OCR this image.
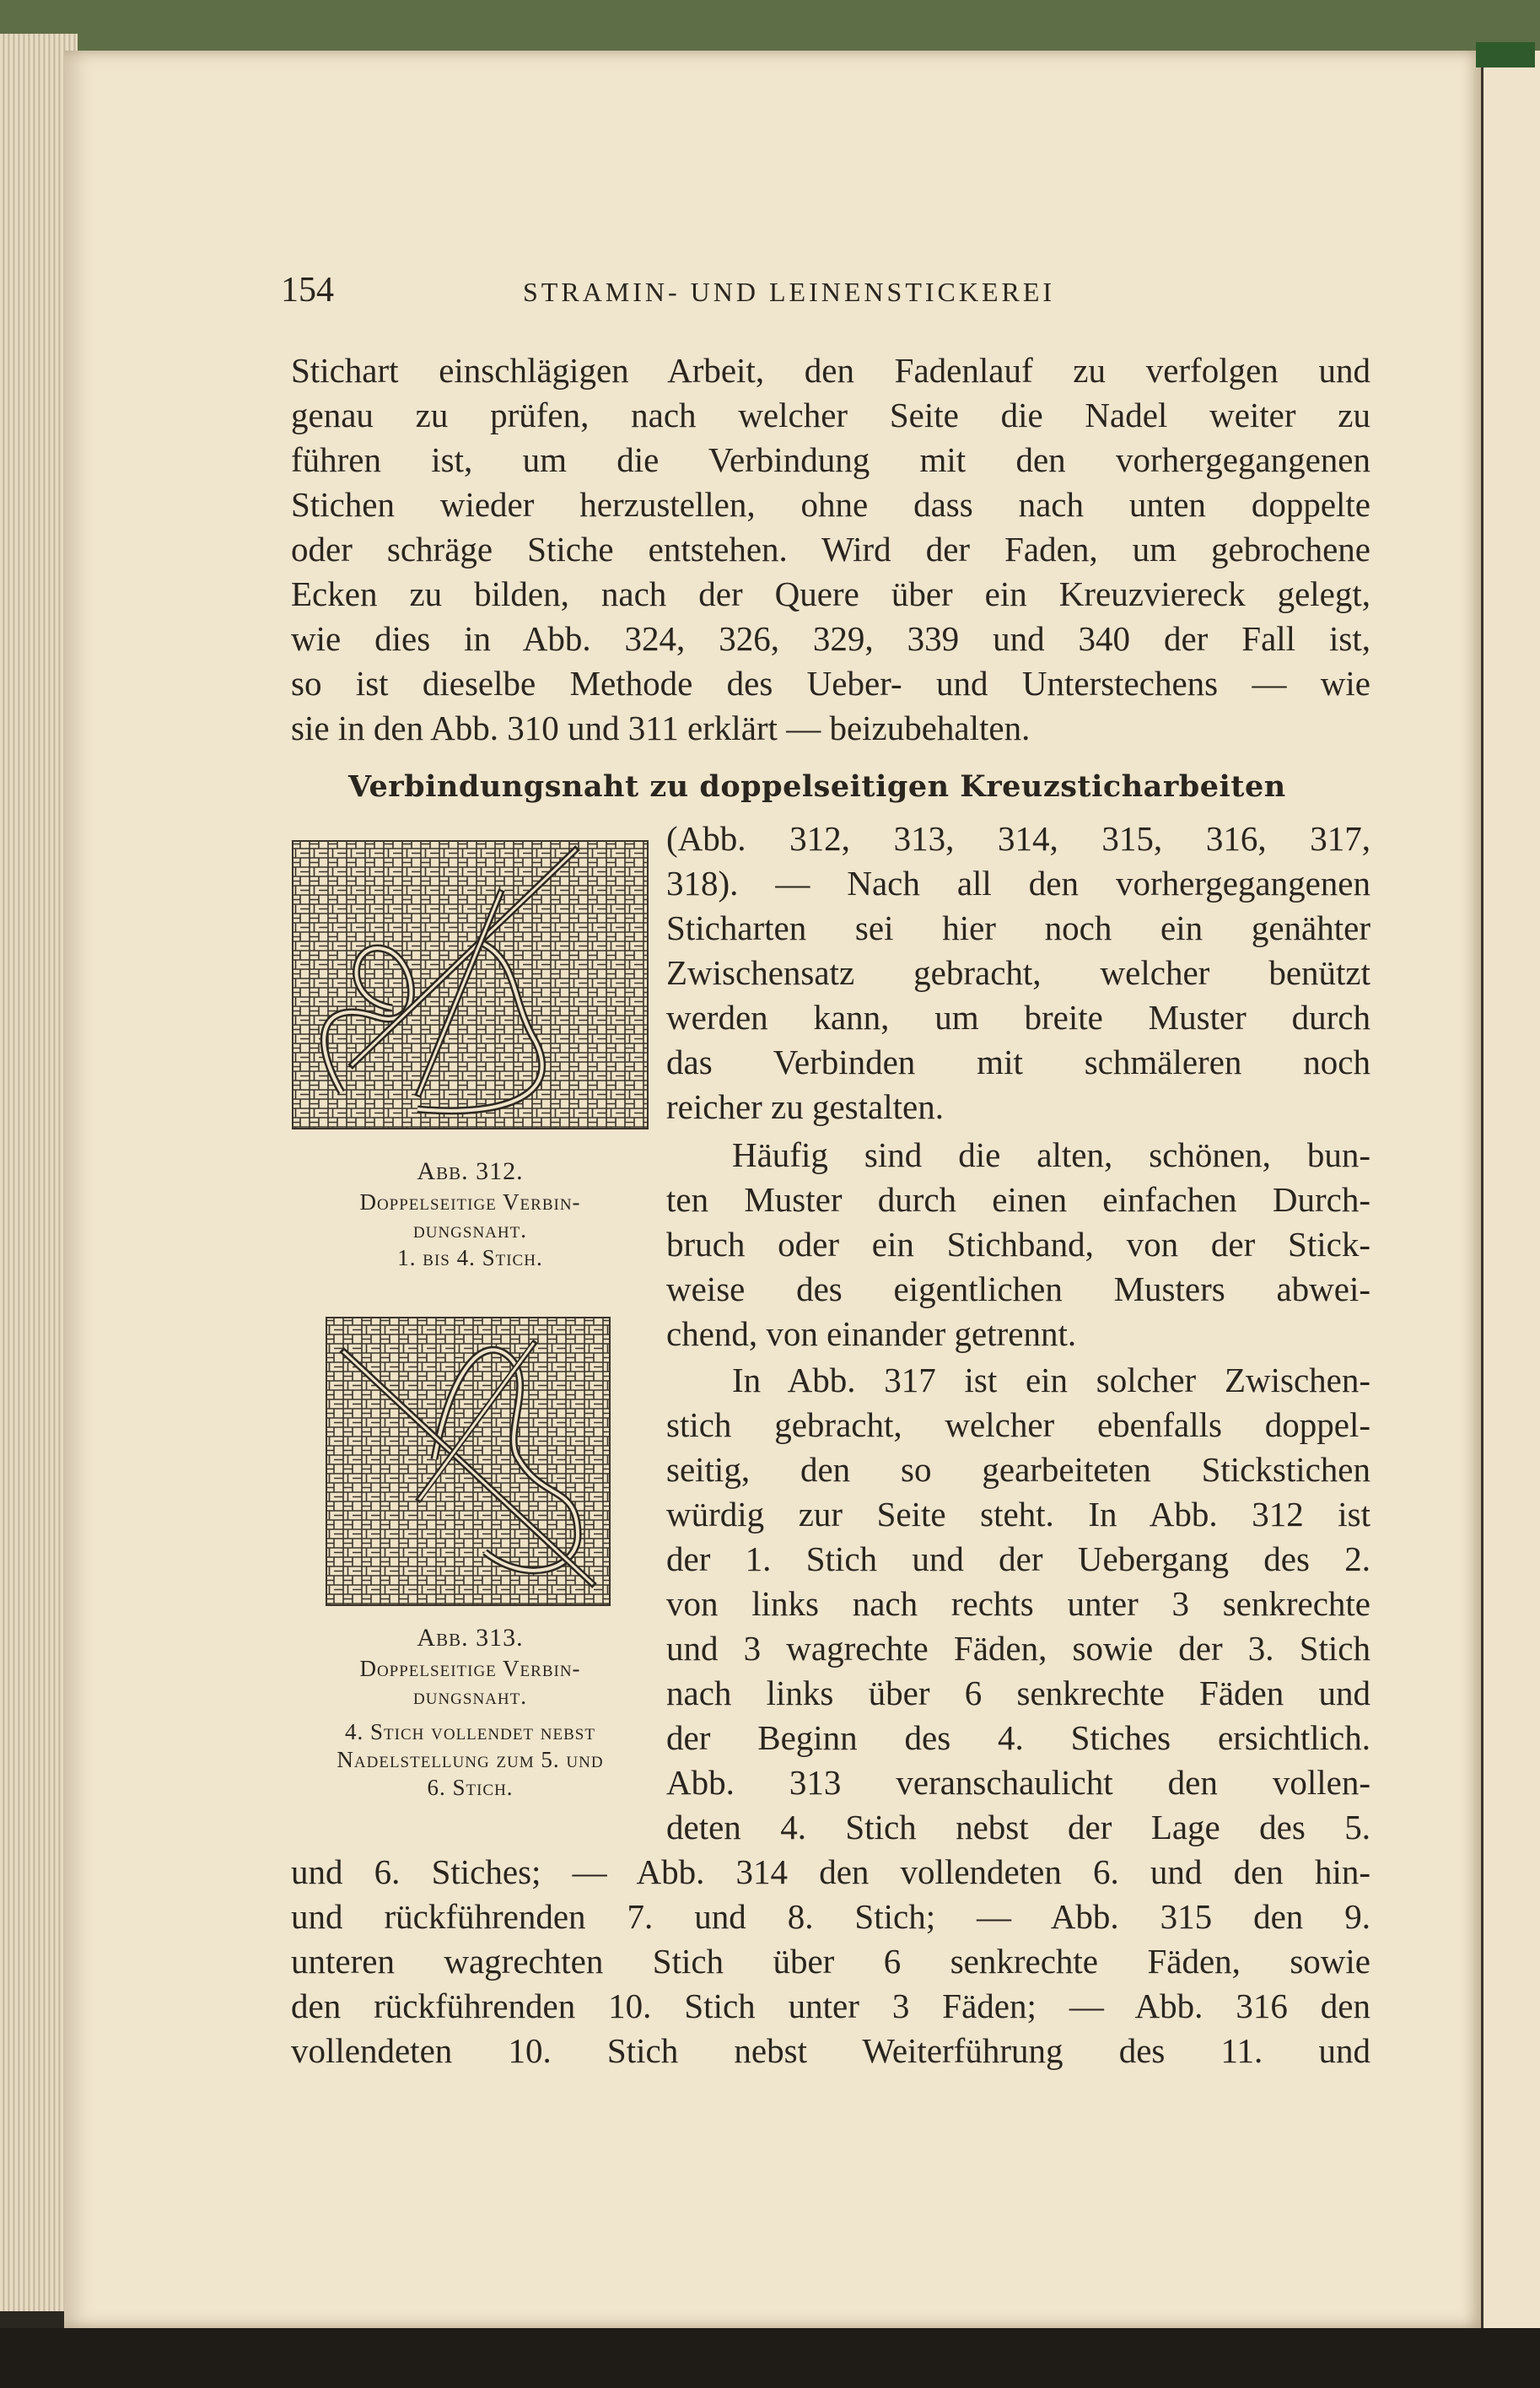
154	STRAMIN- UND LEINENSTICKEREI
Stichart einschlägigen Arbeit, den Fadenlauf zu verfolgen und
genau zu prüfen, nach welcher Seite die Nadel weiter zu
führen ist, um die Verbindung mit den vorhergegangenen
Stichen wieder herzustellen, ohne dass nach unten doppelte
oder schräge Stiche entstehen. Wird der Faden, um gebrochene
Ecken zu bilden, nach der Quere über ein Kreuzviereck gelegt,
wie dies in Abb. 324, 326, 329, 339 und 340 der Fall ist,
so ist dieselbe Methode des Ueber- und Unterstechens — wie
sie in den Abb. 310 und 311 erklärt — beizubehalten.
Verbindungsnaht zu doppelseitigen Kreuzsticharbeiten
(Abb. 312, 313, 314, 315, 316, 317,
318). — Nach all den vorhergegangenen
Sticharten sei hier noch ein genähter
Zwischensatz gebracht, welcher benützt
werden kann, um breite Muster durch
das Verbinden mit schmäleren noch
reicher zu gestalten.
Häufig sind die alten, schönen, bun-
ten Muster durch einen einfachen Durch-
bruch oder ein Stichband, von der Stick-
weise des eigentlichen Musters abwei-
chend, von einander getrennt.
In Abb. 317 ist ein solcher Zwischen-
stich gebracht, welcher ebenfalls doppel-
seitig, den so gearbeiteten Stickstichen
würdig zur Seite steht. In Abb. 312 ist
der 1. Stich und der Uebergang des 2.
von links nach rechts unter 3 senkrechte
und 3 wagrechte Fäden, sowie der 3. Stich
nach links über 6 senkrechte Fäden und
der Beginn des 4. Stiches ersichtlich.
Abb. 313 veranschaulicht den vollen-
deten 4. Stich nebst der Lage des 5.
und 6. Stiches; — Abb. 314 den vollendeten 6. und den hin-
und rückführenden 7. und 8. Stich; — Abb. 315 den 9.
unteren wagrechten Stich über 6 senkrechte Fäden, sowie
den rückführenden 10. Stich unter 3 Fäden; — Abb. 316 den
vollendeten 10. Stich nebst Weiterführung des 11. und
Abb. 312.
Doppelseitige Verbin-
dungsnaht.
1. bis 4. Stich.
Abb. 313.
Doppelseitige Verbin-
dungsnaht.
4. Stich vollendet nebst
Nadelstellung zum 5. und
6. Stich.
